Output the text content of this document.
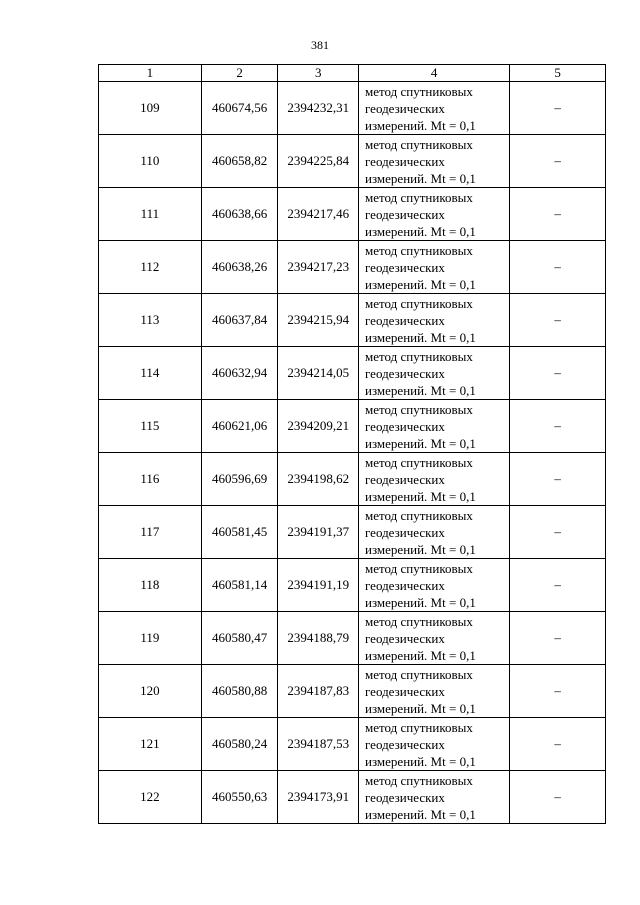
381
1	2	3	4	5
109	460674,56	2394232,31	метод спутниковых
геодезических
измерений. Mt = 0,1	–
110	460658,82	2394225,84	метод спутниковых
геодезических
измерений. Mt = 0,1	–
111	460638,66	2394217,46	метод спутниковых
геодезических
измерений. Mt = 0,1	–
112	460638,26	2394217,23	метод спутниковых
геодезических
измерений. Mt = 0,1	–
113	460637,84	2394215,94	метод спутниковых
геодезических
измерений. Mt = 0,1	–
114	460632,94	2394214,05	метод спутниковых
геодезических
измерений. Mt = 0,1	–
115	460621,06	2394209,21	метод спутниковых
геодезических
измерений. Mt = 0,1	–
116	460596,69	2394198,62	метод спутниковых
геодезических
измерений. Mt = 0,1	–
117	460581,45	2394191,37	метод спутниковых
геодезических
измерений. Mt = 0,1	–
118	460581,14	2394191,19	метод спутниковых
геодезических
измерений. Mt = 0,1	–
119	460580,47	2394188,79	метод спутниковых
геодезических
измерений. Mt = 0,1	–
120	460580,88	2394187,83	метод спутниковых
геодезических
измерений. Mt = 0,1	–
121	460580,24	2394187,53	метод спутниковых
геодезических
измерений. Mt = 0,1	–
122	460550,63	2394173,91	метод спутниковых
геодезических
измерений. Mt = 0,1	–
